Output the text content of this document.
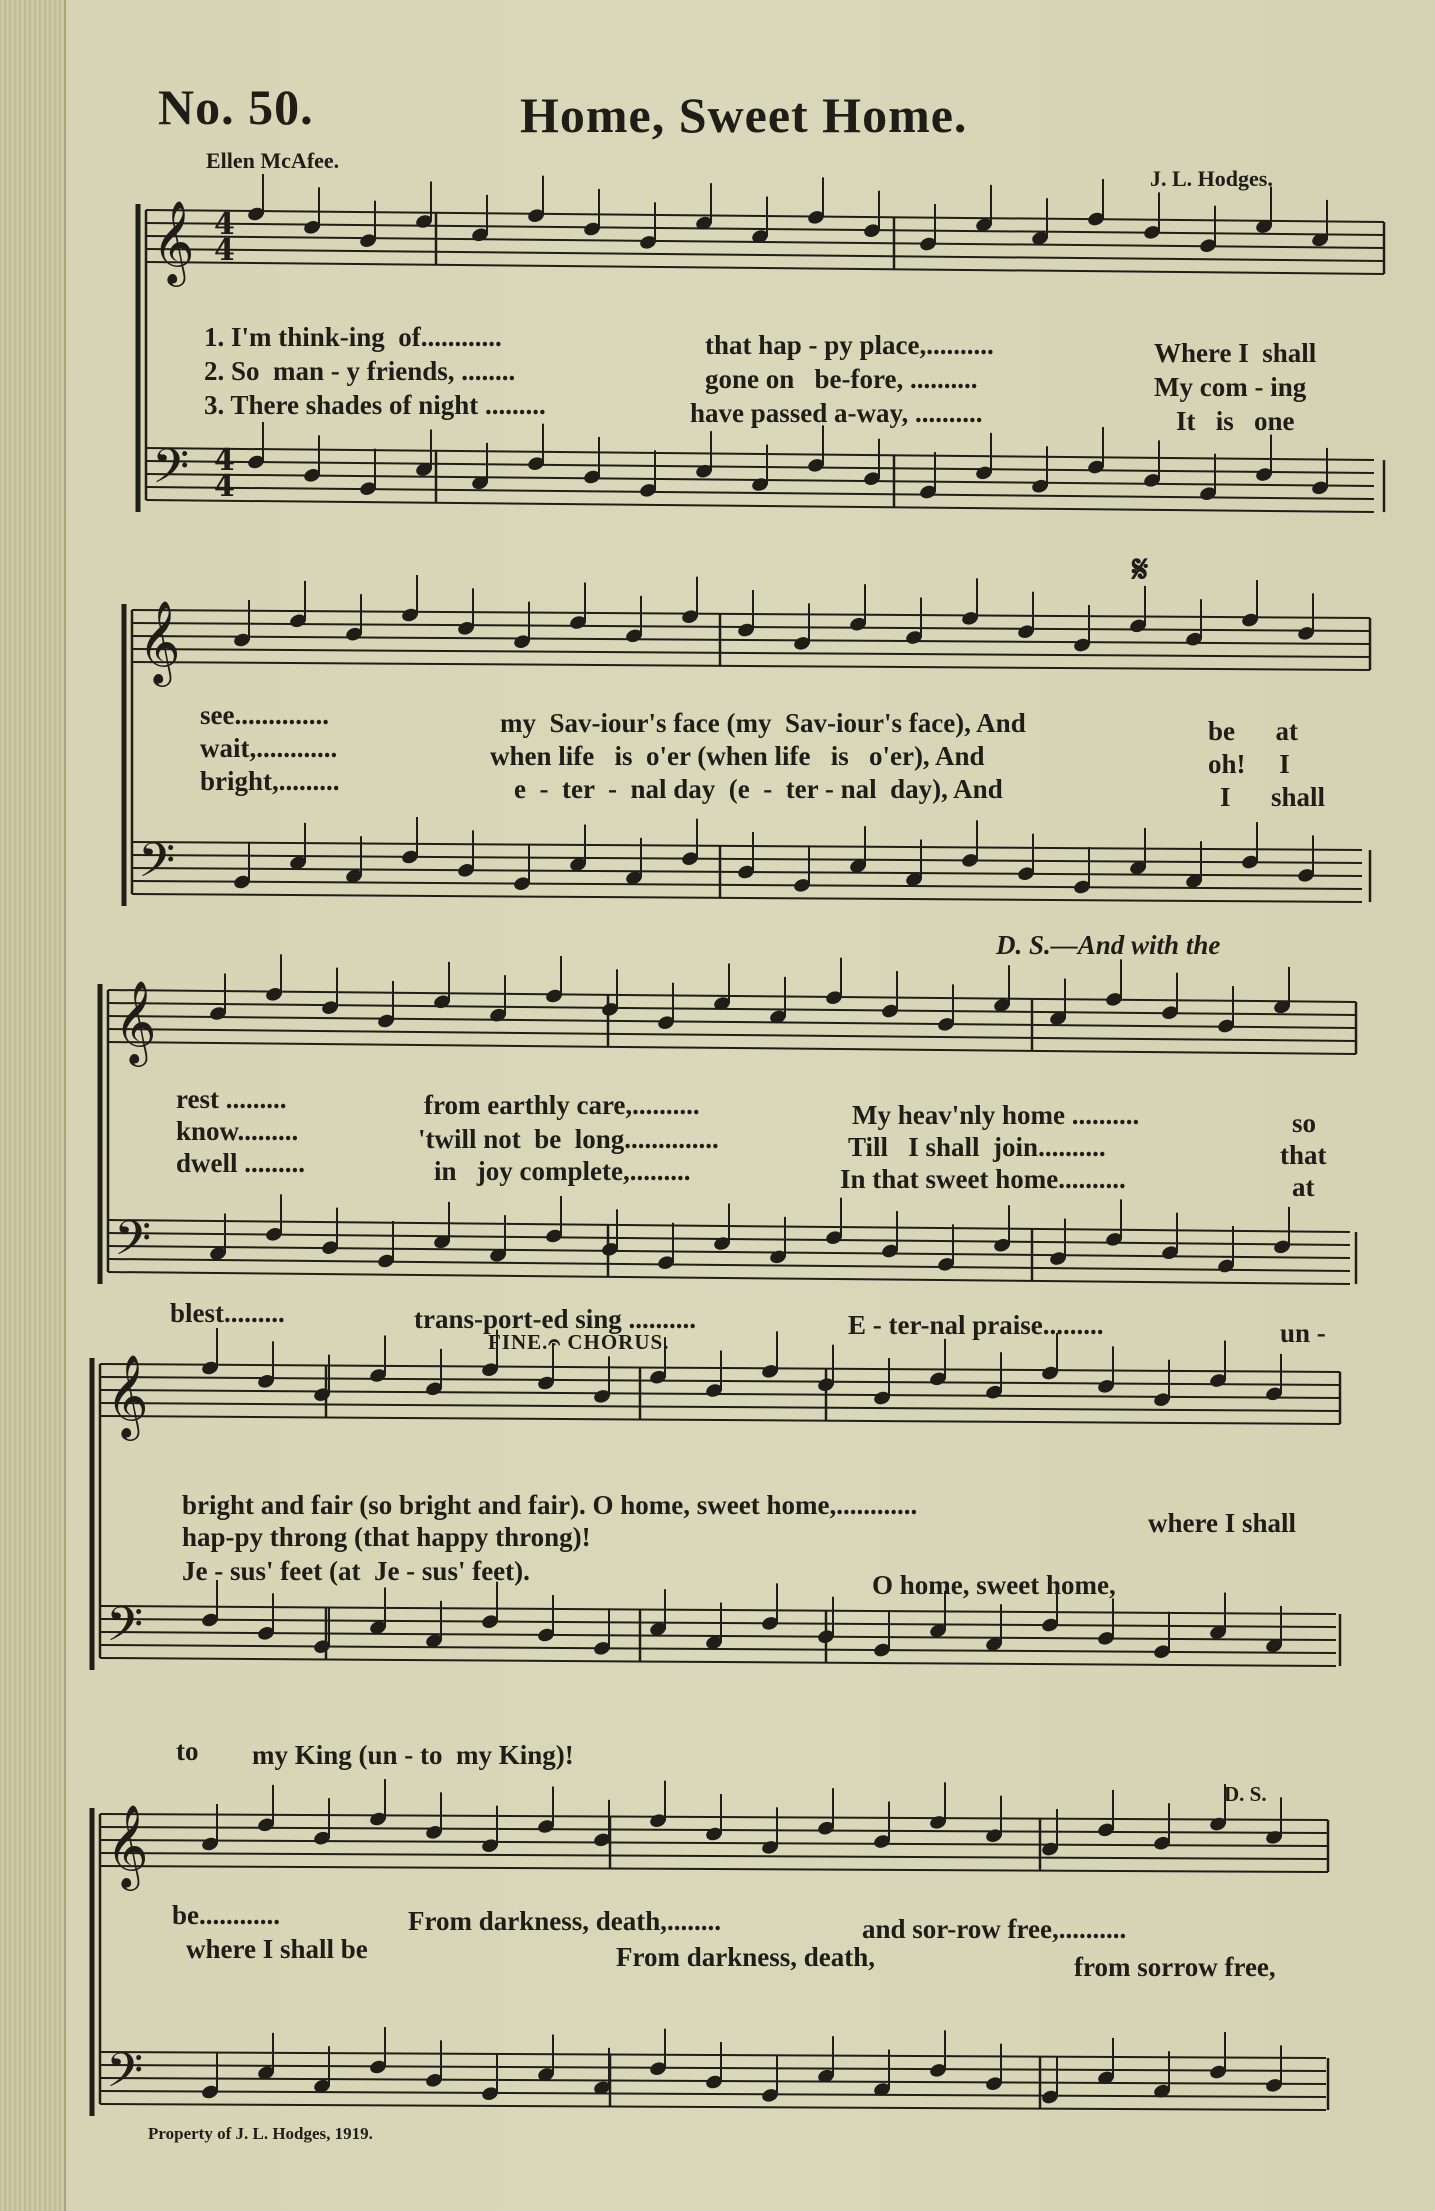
No. 50.	Home, Sweet Home.
Ellen McAfee.
J. L. Hodges.
𝄞
𝄢
𝄞
𝄢
𝄞
𝄢
𝄞
𝄢
𝄞
𝄢
4
4
4
4
1. I'm think-ing  of............	that hap - py place,..........	Where I  shall
2. So  man - y friends, ........	gone on   be-fore, ..........	My com - ing
3. There shades of night .........	have passed a-way, ..........	It   is   one
see..............	my  Sav-iour's face (my  Sav-iour's face), And	be      at
wait,............	when life   is  o'er (when life   is   o'er), And	oh!     I
bright,.........	e  -  ter  -  nal day  (e  -  ter - nal  day), And	I      shall
D. S.—And with the
𝄋
rest .........	from earthly care,..........	My heav'nly home ..........	so
know.........	'twill not  be  long..............	Till   I shall  join..........	that
dwell .........	in   joy complete,.........	In that sweet home..........	at
blest.........	trans-port-ed sing ..........	E - ter-nal praise.........	un -
FINE.𝄐 CHORUS.
bright and fair (so bright and fair). O home, sweet home,............
where I shall
hap-py throng (that happy throng)!
Je - sus' feet (at  Je - sus' feet).	O home, sweet home,
to my King (un - to  my King)!
D. S.
be............	From darkness, death,........	and sor-row free,..........
where I shall be	From darkness, death,	from sorrow free,
Property of J. L. Hodges, 1919.
